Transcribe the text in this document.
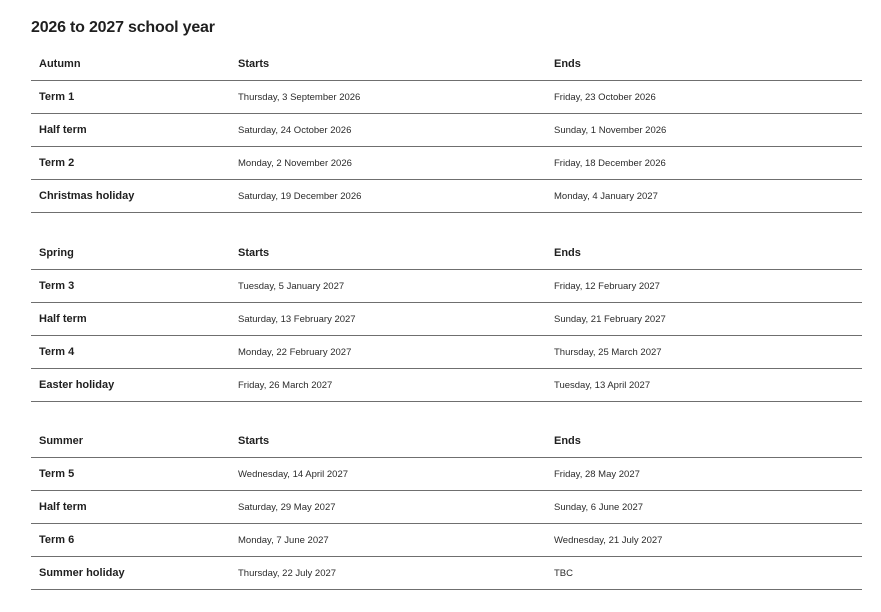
2026 to 2027 school year
Autumn	Starts	Ends
Term 1	Thursday, 3 September 2026	Friday, 23 October 2026
Half term	Saturday, 24 October 2026	Sunday, 1 November 2026
Term 2	Monday, 2 November 2026	Friday, 18 December 2026
Christmas holiday	Saturday, 19 December 2026	Monday, 4 January 2027
Spring	Starts	Ends
Term 3	Tuesday, 5 January 2027	Friday, 12 February 2027
Half term	Saturday, 13 February 2027	Sunday, 21 February 2027
Term 4	Monday, 22 February 2027	Thursday, 25 March 2027
Easter holiday	Friday, 26 March 2027	Tuesday, 13 April 2027
Summer	Starts	Ends
Term 5	Wednesday, 14 April 2027	Friday, 28 May 2027
Half term	Saturday, 29 May 2027	Sunday, 6 June 2027
Term 6	Monday, 7 June 2027	Wednesday, 21 July 2027
Summer holiday	Thursday, 22 July 2027	TBC
